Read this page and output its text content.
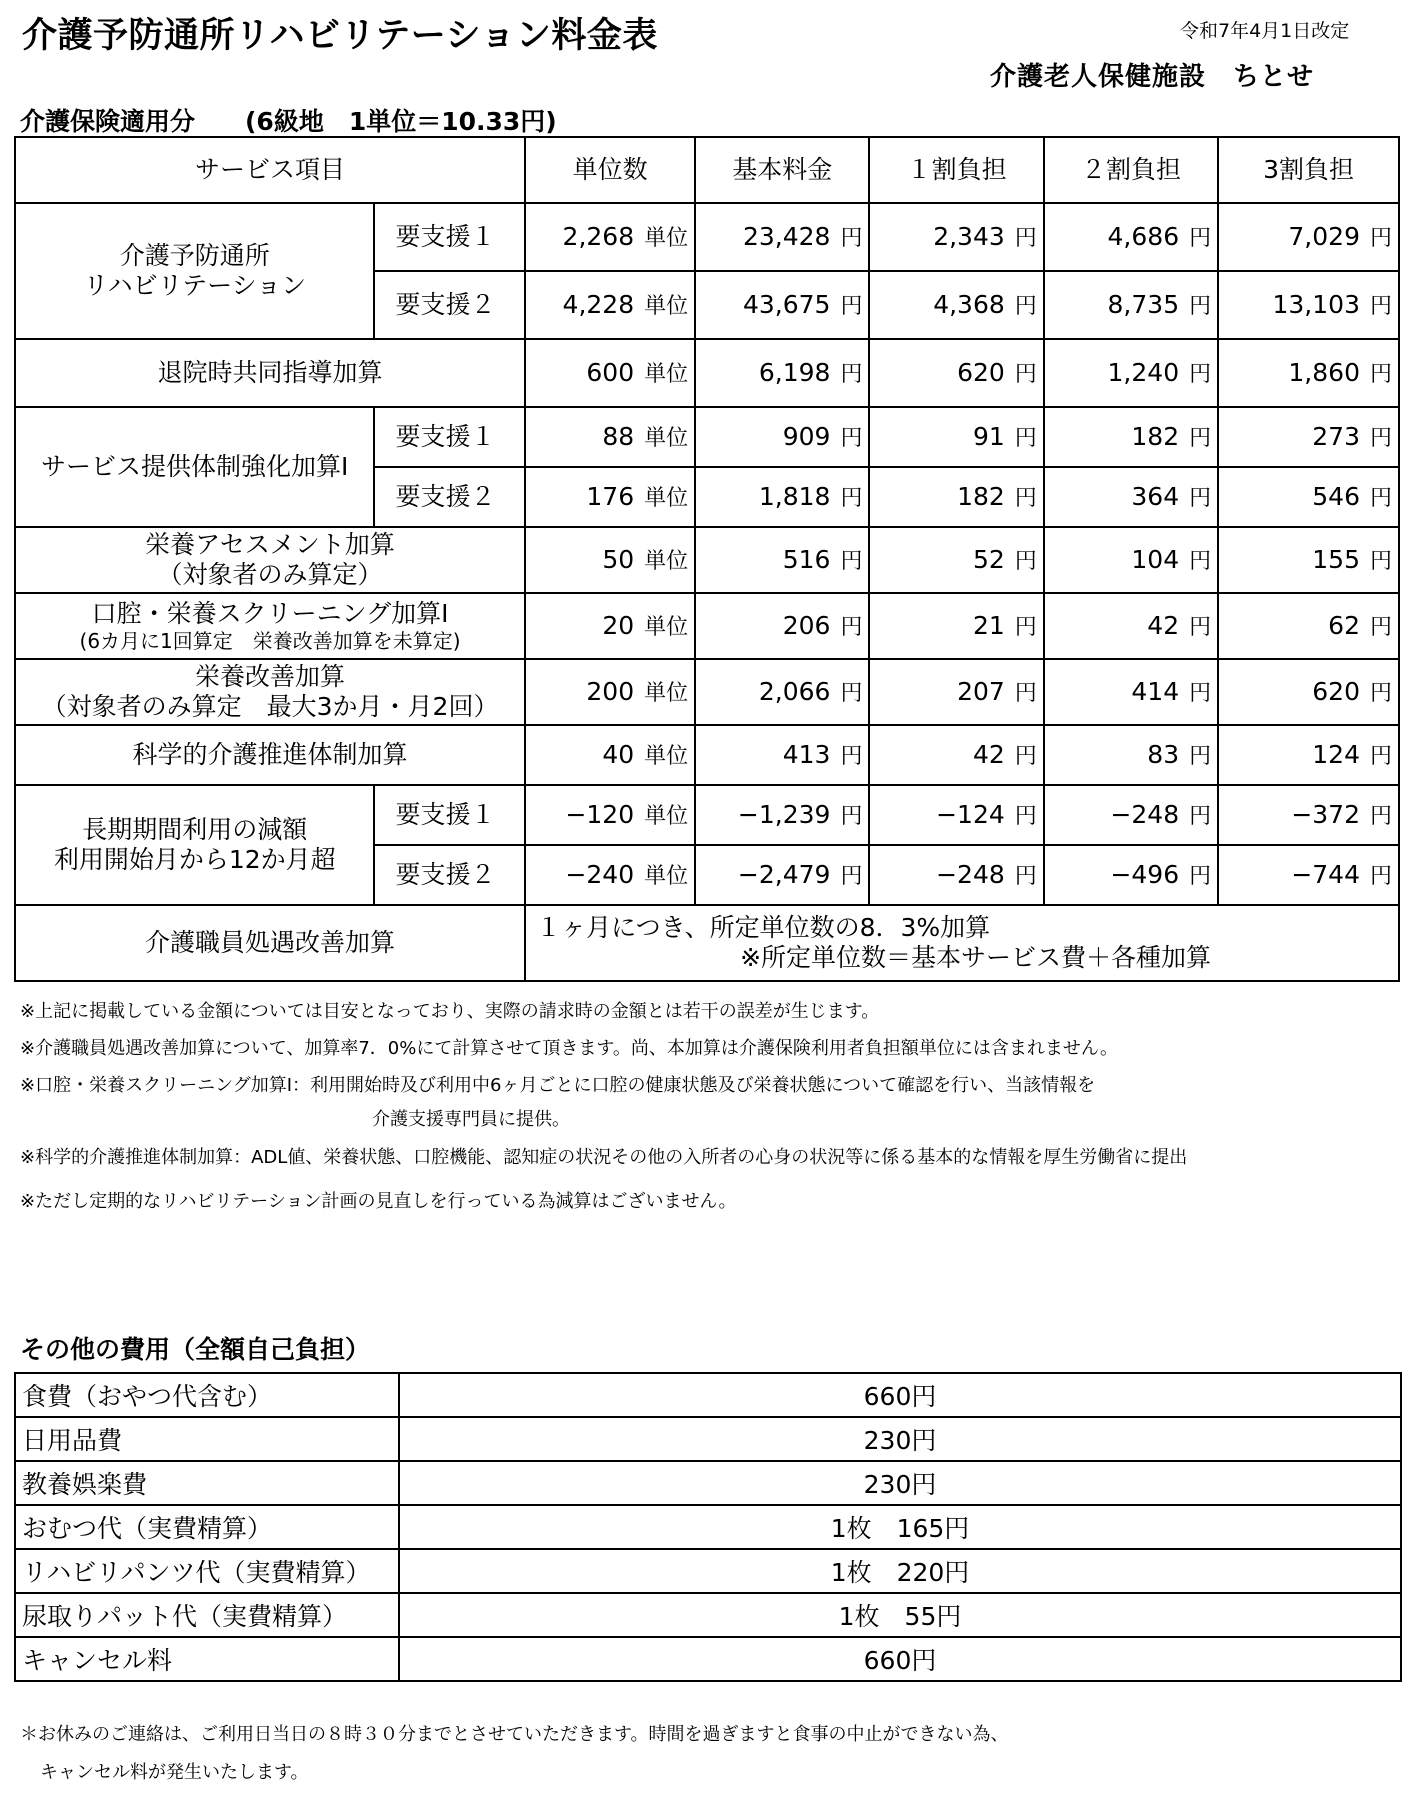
介護予防通所リハビリテーション料金表	令和7年4月1日改定
介護老人保健施設　ちとせ
介護保険適用分　　(6級地　1単位＝10.33円)
サービス項目		単位数	基本料金	１割負担	２割負担	3割負担

介護予防通所
リハビリテーション	要支援１	2,268 単位	23,428 円	2,343 円	4,686 円	7,029 円
	要支援２	4,228 単位	43,675 円	4,368 円	8,735 円	13,103 円

退院時共同指導加算		600 単位	6,198 円	620 円	1,240 円	1,860 円

サービス提供体制強化加算Ⅰ	要支援１	88 単位	909 円	91 円	182 円	273 円
	要支援２	176 単位	1,818 円	182 円	364 円	546 円

栄養アセスメント加算
（対象者のみ算定）		50 単位	516 円	52 円	104 円	155 円

口腔・栄養スクリーニング加算Ⅰ
(6カ月に1回算定　栄養改善加算を未算定)		20 単位	206 円	21 円	42 円	62 円

栄養改善加算
（対象者のみ算定　最大3か月・月2回）		200 単位	2,066 円	207 円	414 円	620 円

科学的介護推進体制加算		40 単位	413 円	42 円	83 円	124 円

長期期間利用の減額
利用開始月から12か月超	要支援１	−120 単位	−1,239 円	−124 円	−248 円	−372 円
	要支援２	−240 単位	−2,479 円	−248 円	−496 円	−744 円
介護職員処遇改善加算		１ヶ月につき、所定単位数の8．3%加算
※所定単位数＝基本サービス費＋各種加算				
※上記に掲載している金額については目安となっており、実際の請求時の金額とは若干の誤差が生じます。
※介護職員処遇改善加算について、加算率7．0%にて計算させて頂きます。尚、本加算は介護保険利用者負担額単位には含まれません。
※口腔・栄養スクリーニング加算Ⅰ：利用開始時及び利用中6ヶ月ごとに口腔の健康状態及び栄養状態について確認を行い、当該情報を
介護支援専門員に提供。
※科学的介護推進体制加算：ADL値、栄養状態、口腔機能、認知症の状況その他の入所者の心身の状況等に係る基本的な情報を厚生労働省に提出
※ただし定期的なリハビリテーション計画の見直しを行っている為減算はございません。
その他の費用（全額自己負担）
食費（おやつ代含む）	660円
日用品費	230円
教養娯楽費	230円
おむつ代（実費精算）	1枚　165円
リハビリパンツ代（実費精算）	1枚　220円
尿取りパット代（実費精算）	1枚　55円
キャンセル料	660円
＊お休みのご連絡は、ご利用日当日の８時３０分までとさせていただきます。時間を過ぎますと食事の中止ができない為、
キャンセル料が発生いたします。
